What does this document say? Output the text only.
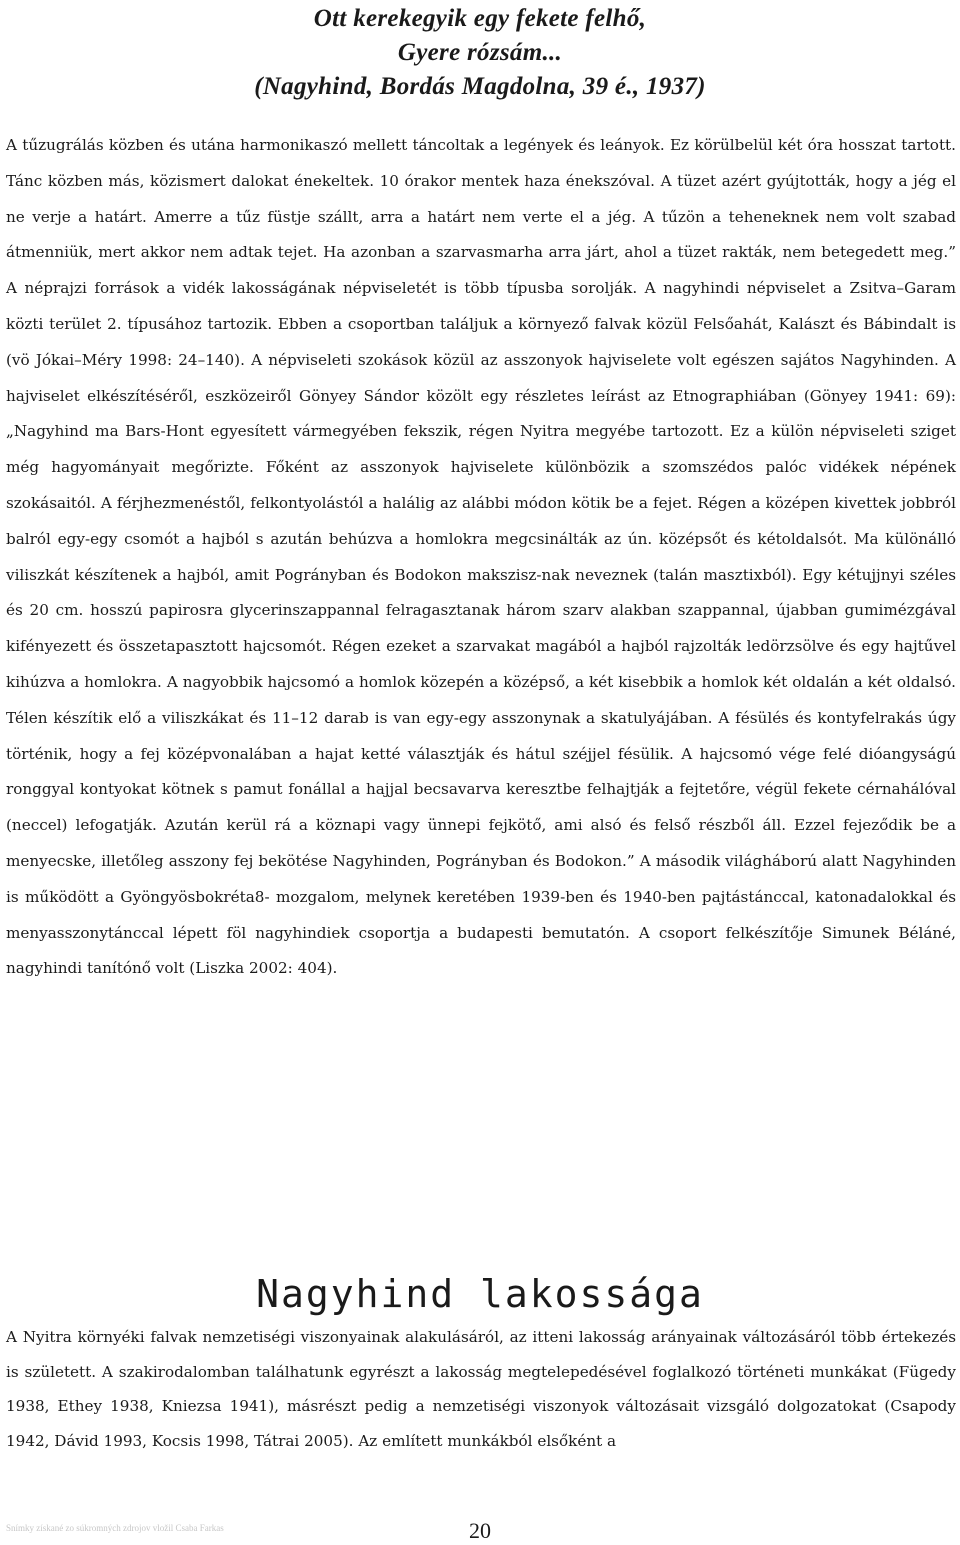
Ott kerekegyik egy fekete felhő,
Gyere rózsám...
(Nagyhind, Bordás Magdolna, 39 é., 1937)

A tűzugrálás közben és utána harmonikaszó mellett táncoltak a legények és leányok. Ez körülbelül két óra hosszat tartott. Tánc közben más, közismert dalokat énekeltek. 10 órakor mentek haza énekszóval. A tüzet azért gyújtották, hogy a jég el ne verje a határt. Amerre a tűz füstje szállt, arra a határt nem verte el a jég. A tűzön a teheneknek nem volt szabad átmenniük, mert akkor nem adtak tejet. Ha azonban a szarvasmarha arra járt, ahol a tüzet rakták, nem betegedett meg.” A néprajzi források a vidék lakosságának népviseletét is több típusba sorolják. A nagyhindi népviselet a Zsitva–Garam közti terület 2. típusához tartozik. Ebben a csoportban találjuk a környező falvak közül Felsőahát, Kalászt és Bábindalt is (vö Jókai–Méry 1998: 24–140). A népviseleti szokások közül az asszonyok hajviselete volt egészen sajátos Nagyhinden. A hajviselet elkészítéséről, eszközeiről Gönyey Sándor közölt egy részletes leírást az Etnographiában (Gönyey 1941: 69): „Nagyhind ma Bars-Hont egyesített vármegyében fekszik, régen Nyitra megyébe tartozott. Ez a külön népviseleti sziget még hagyományait megőrizte. Főként az asszonyok hajviselete különbözik a szomszédos palóc vidékek népének szokásaitól. A férjhezmenéstől, felkontyolástól a halálig az alábbi módon kötik be a fejet. Régen a középen kivettek jobbról balról egy-egy csomót a hajból s azután behúzva a homlokra megcsinálták az ún. középsőt és kétoldalsót. Ma különálló viliszkát készítenek a hajból, amit Pogrányban és Bodokon makszisz-nak neveznek (talán masztixból). Egy kétujjnyi széles és 20 cm. hosszú papirosra glycerinszappannal felragasztanak három szarv alakban szappannal, újabban gumimézgával kifényezett és összetapasztott hajcsomót. Régen ezeket a szarvakat magából a hajból rajzolták ledörzsölve és egy hajtűvel kihúzva a homlokra. A nagyobbik hajcsomó a homlok közepén a középső, a két kisebbik a homlok két oldalán a két oldalsó. Télen készítik elő a viliszkákat és 11–12 darab is van egy-egy asszonynak a skatulyájában. A fésülés és kontyfelrakás úgy történik, hogy a fej középvonalában a hajat ketté választják és hátul széjjel fésülik. A hajcsomó vége felé dióangyságú ronggyal kontyokat kötnek s pamut fonállal a hajjal becsavarva keresztbe felhajtják a fejtetőre, végül fekete cérnahálóval (neccel) lefogatják. Azután kerül rá a köznapi vagy ünnepi fejkötő, ami alsó és felső részből áll. Ezzel fejeződik be a menyecske, illetőleg asszony fej bekötése Nagyhinden, Pogrányban és Bodokon.” A második világháború alatt Nagyhinden is működött a Gyöngyösbokréta8- mozgalom, melynek keretében 1939-ben és 1940-ben pajtástánccal, katonadalokkal és menyasszonytánccal lépett föl nagyhindiek csoportja a budapesti bemutatón. A csoport felkészítője Simunek Béláné, nagyhindi tanítónő volt (Liszka 2002: 404).

Nagyhind lakossága

A Nyitra környéki falvak nemzetiségi viszonyainak alakulásáról, az itteni lakosság arányainak változásáról több értekezés is született. A szakirodalomban találhatunk egyrészt a lakosság megtelepedésével foglalkozó történeti munkákat (Fügedy 1938, Ethey 1938, Kniezsa 1941), másrészt pedig a nemzetiségi viszonyok változásait vizsgáló dolgozatokat (Csapody 1942, Dávid 1993, Kocsis 1998, Tátrai 2005). Az említett munkákból elsőként a

Snímky získané zo súkromných zdrojov vložil Csaba Farkas	20
